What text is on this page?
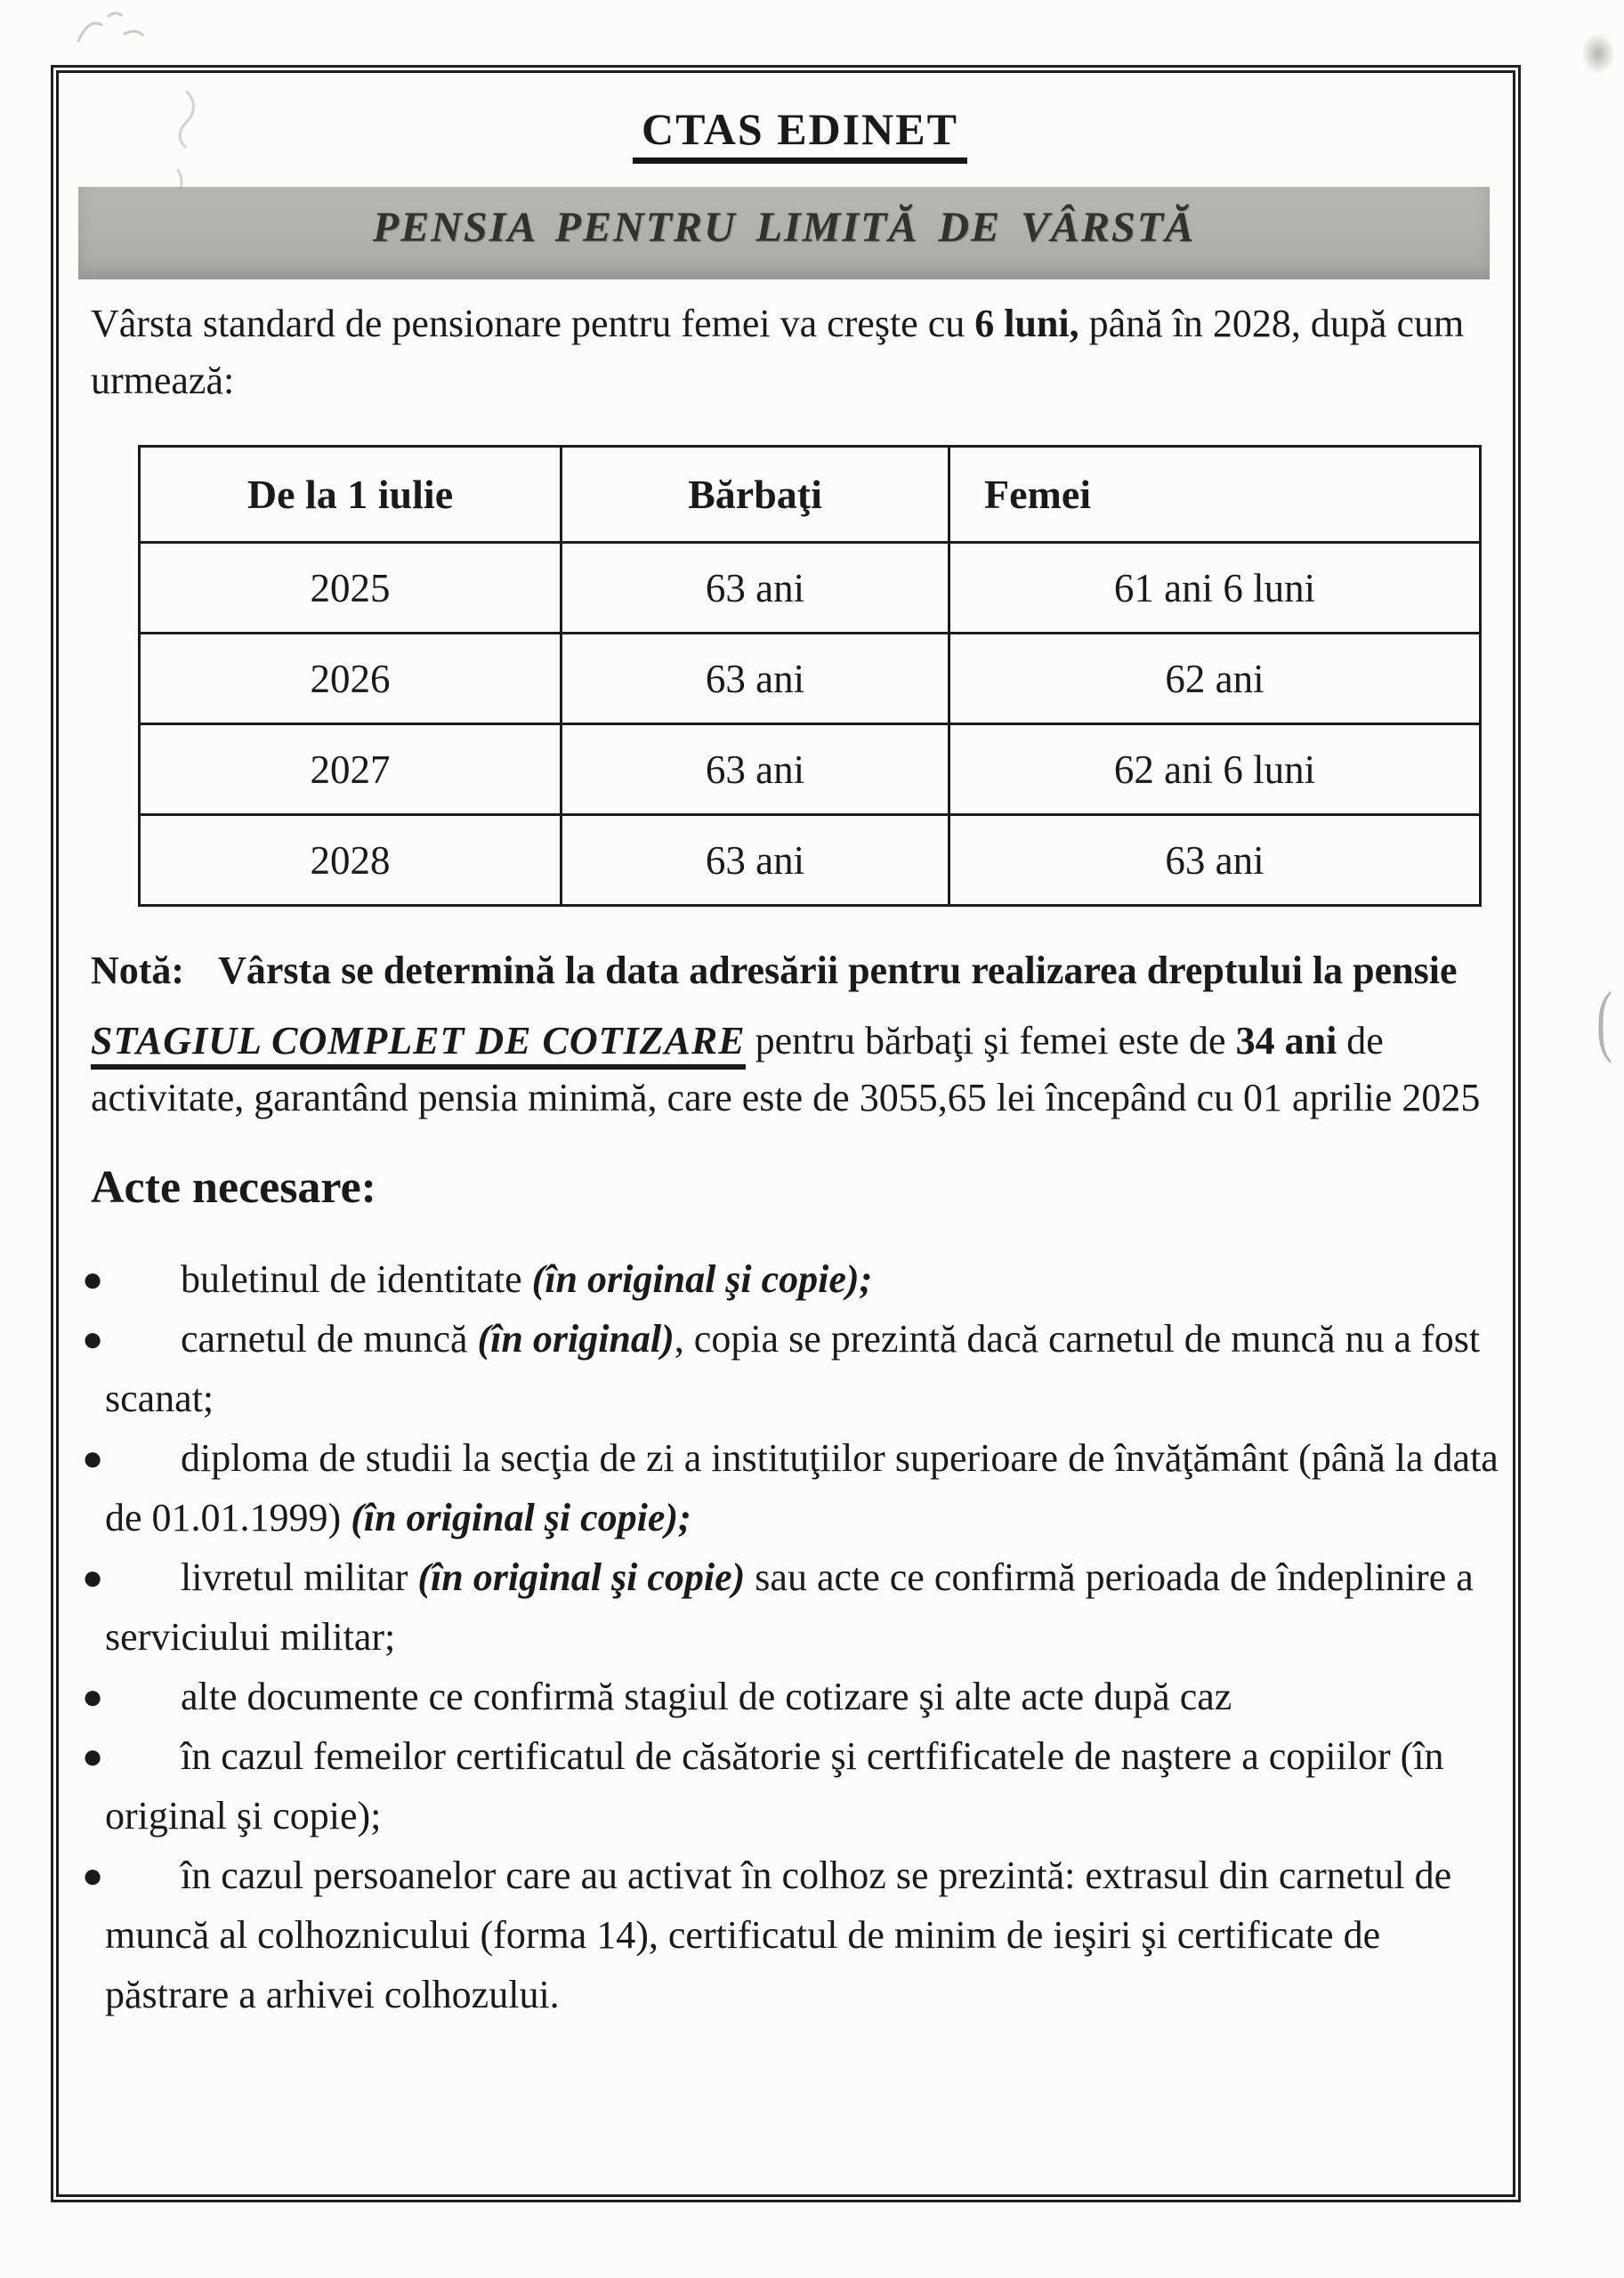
(
CTAS EDINET
PENSIA PENTRU LIMITĂ DE VÂRSTĂ

Vârsta standard de pensionare pentru femei va creşte cu 6 luni, până în 2028, după cum urmează:

De la 1 iulie	Bărbaţi	Femei
2025	63 ani	61 ani 6 luni
2026	63 ani	62 ani
2027	63 ani	62 ani 6 luni
2028	63 ani	63 ani

Notă: Vârsta se determină la data adresării pentru realizarea dreptului la pensie

STAGIUL COMPLET DE COTIZARE pentru bărbaţi şi femei este de 34 ani de activitate, garantând pensia minimă, care este de 3055,65 lei începând cu 01 aprilie 2025

Acte necesare:

● buletinul de identitate (în original şi copie);

● carnetul de muncă (în original), copia se prezintă dacă carnetul de muncă nu a fost scanat;

● diploma de studii la secţia de zi a instituţiilor superioare de învăţământ (până la data de 01.01.1999) (în original şi copie);

● livretul militar (în original şi copie) sau acte ce confirmă perioada de îndeplinire a serviciului militar;

● alte documente ce confirmă stagiul de cotizare şi alte acte după caz

● în cazul femeilor certificatul de căsătorie şi certfificatele de naştere a copiilor (în original şi copie);

● în cazul persoanelor care au activat în colhoz se prezintă: extrasul din carnetul de muncă al colhoznicului (forma 14), certificatul de minim de ieşiri şi certificate de păstrare a arhivei colhozului.
